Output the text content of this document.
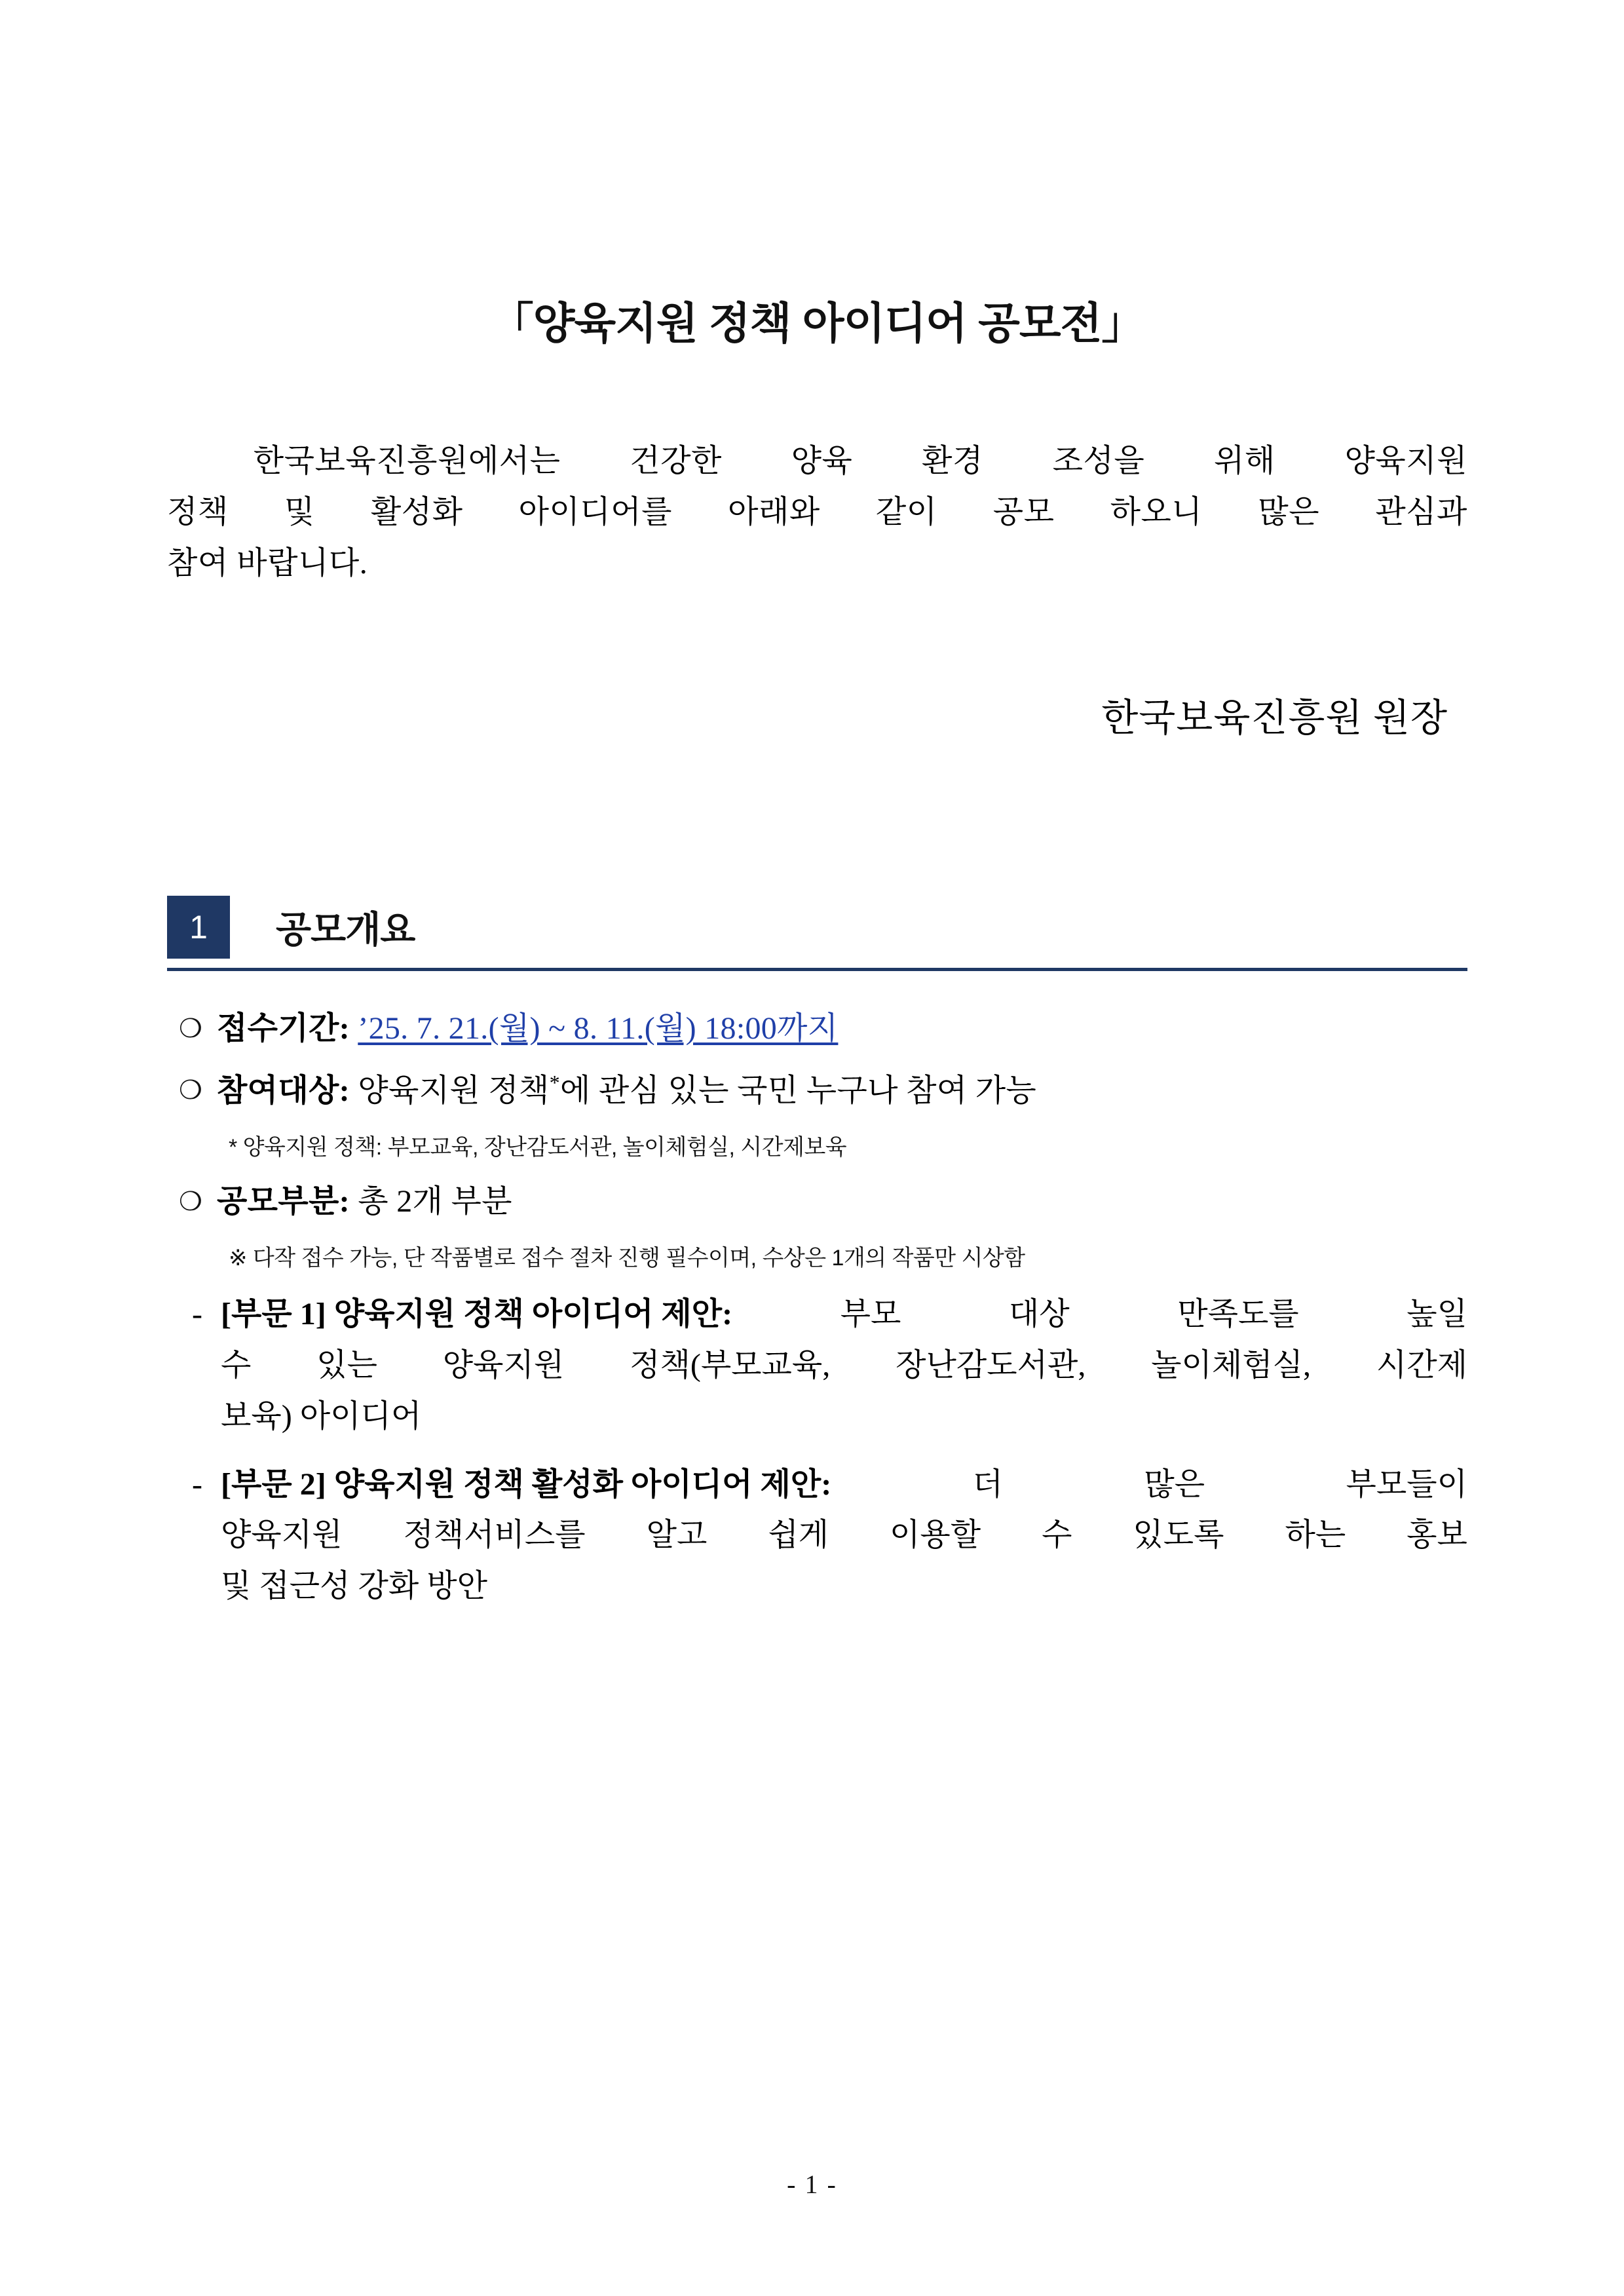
「양육지원 정책 아이디어 공모전」
한국보육진흥원에서는 건강한 양육 환경 조성을 위해 양육지원
정책 및 활성화 아이디어를 아래와 같이 공모 하오니 많은 관심과
참여 바랍니다.
한국보육진흥원 원장
1	공모개요
❍ 접수기간: ’25. 7. 21.(월) ~ 8. 11.(월) 18:00까지
❍ 참여대상: 양육지원 정책*에 관심 있는 국민 누구나 참여 가능
* 양육지원 정책: 부모교육, 장난감도서관, 놀이체험실, 시간제보육
❍ 공모부분: 총 2개 부분
※ 다작 접수 가능, 단 작품별로 접수 절차 진행 필수이며, 수상은 1개의 작품만 시상함
- [부문 1] 양육지원 정책 아이디어 제안:	부모	대상	만족도를	높일
수 있는 양육지원 정책(부모교육, 장난감도서관, 놀이체험실, 시간제
보육) 아이디어
- [부문 2] 양육지원 정책 활성화 아이디어 제안:	더	많은	부모들이
양육지원 정책서비스를 알고 쉽게 이용할 수 있도록 하는 홍보
및 접근성 강화 방안
- 1 -
